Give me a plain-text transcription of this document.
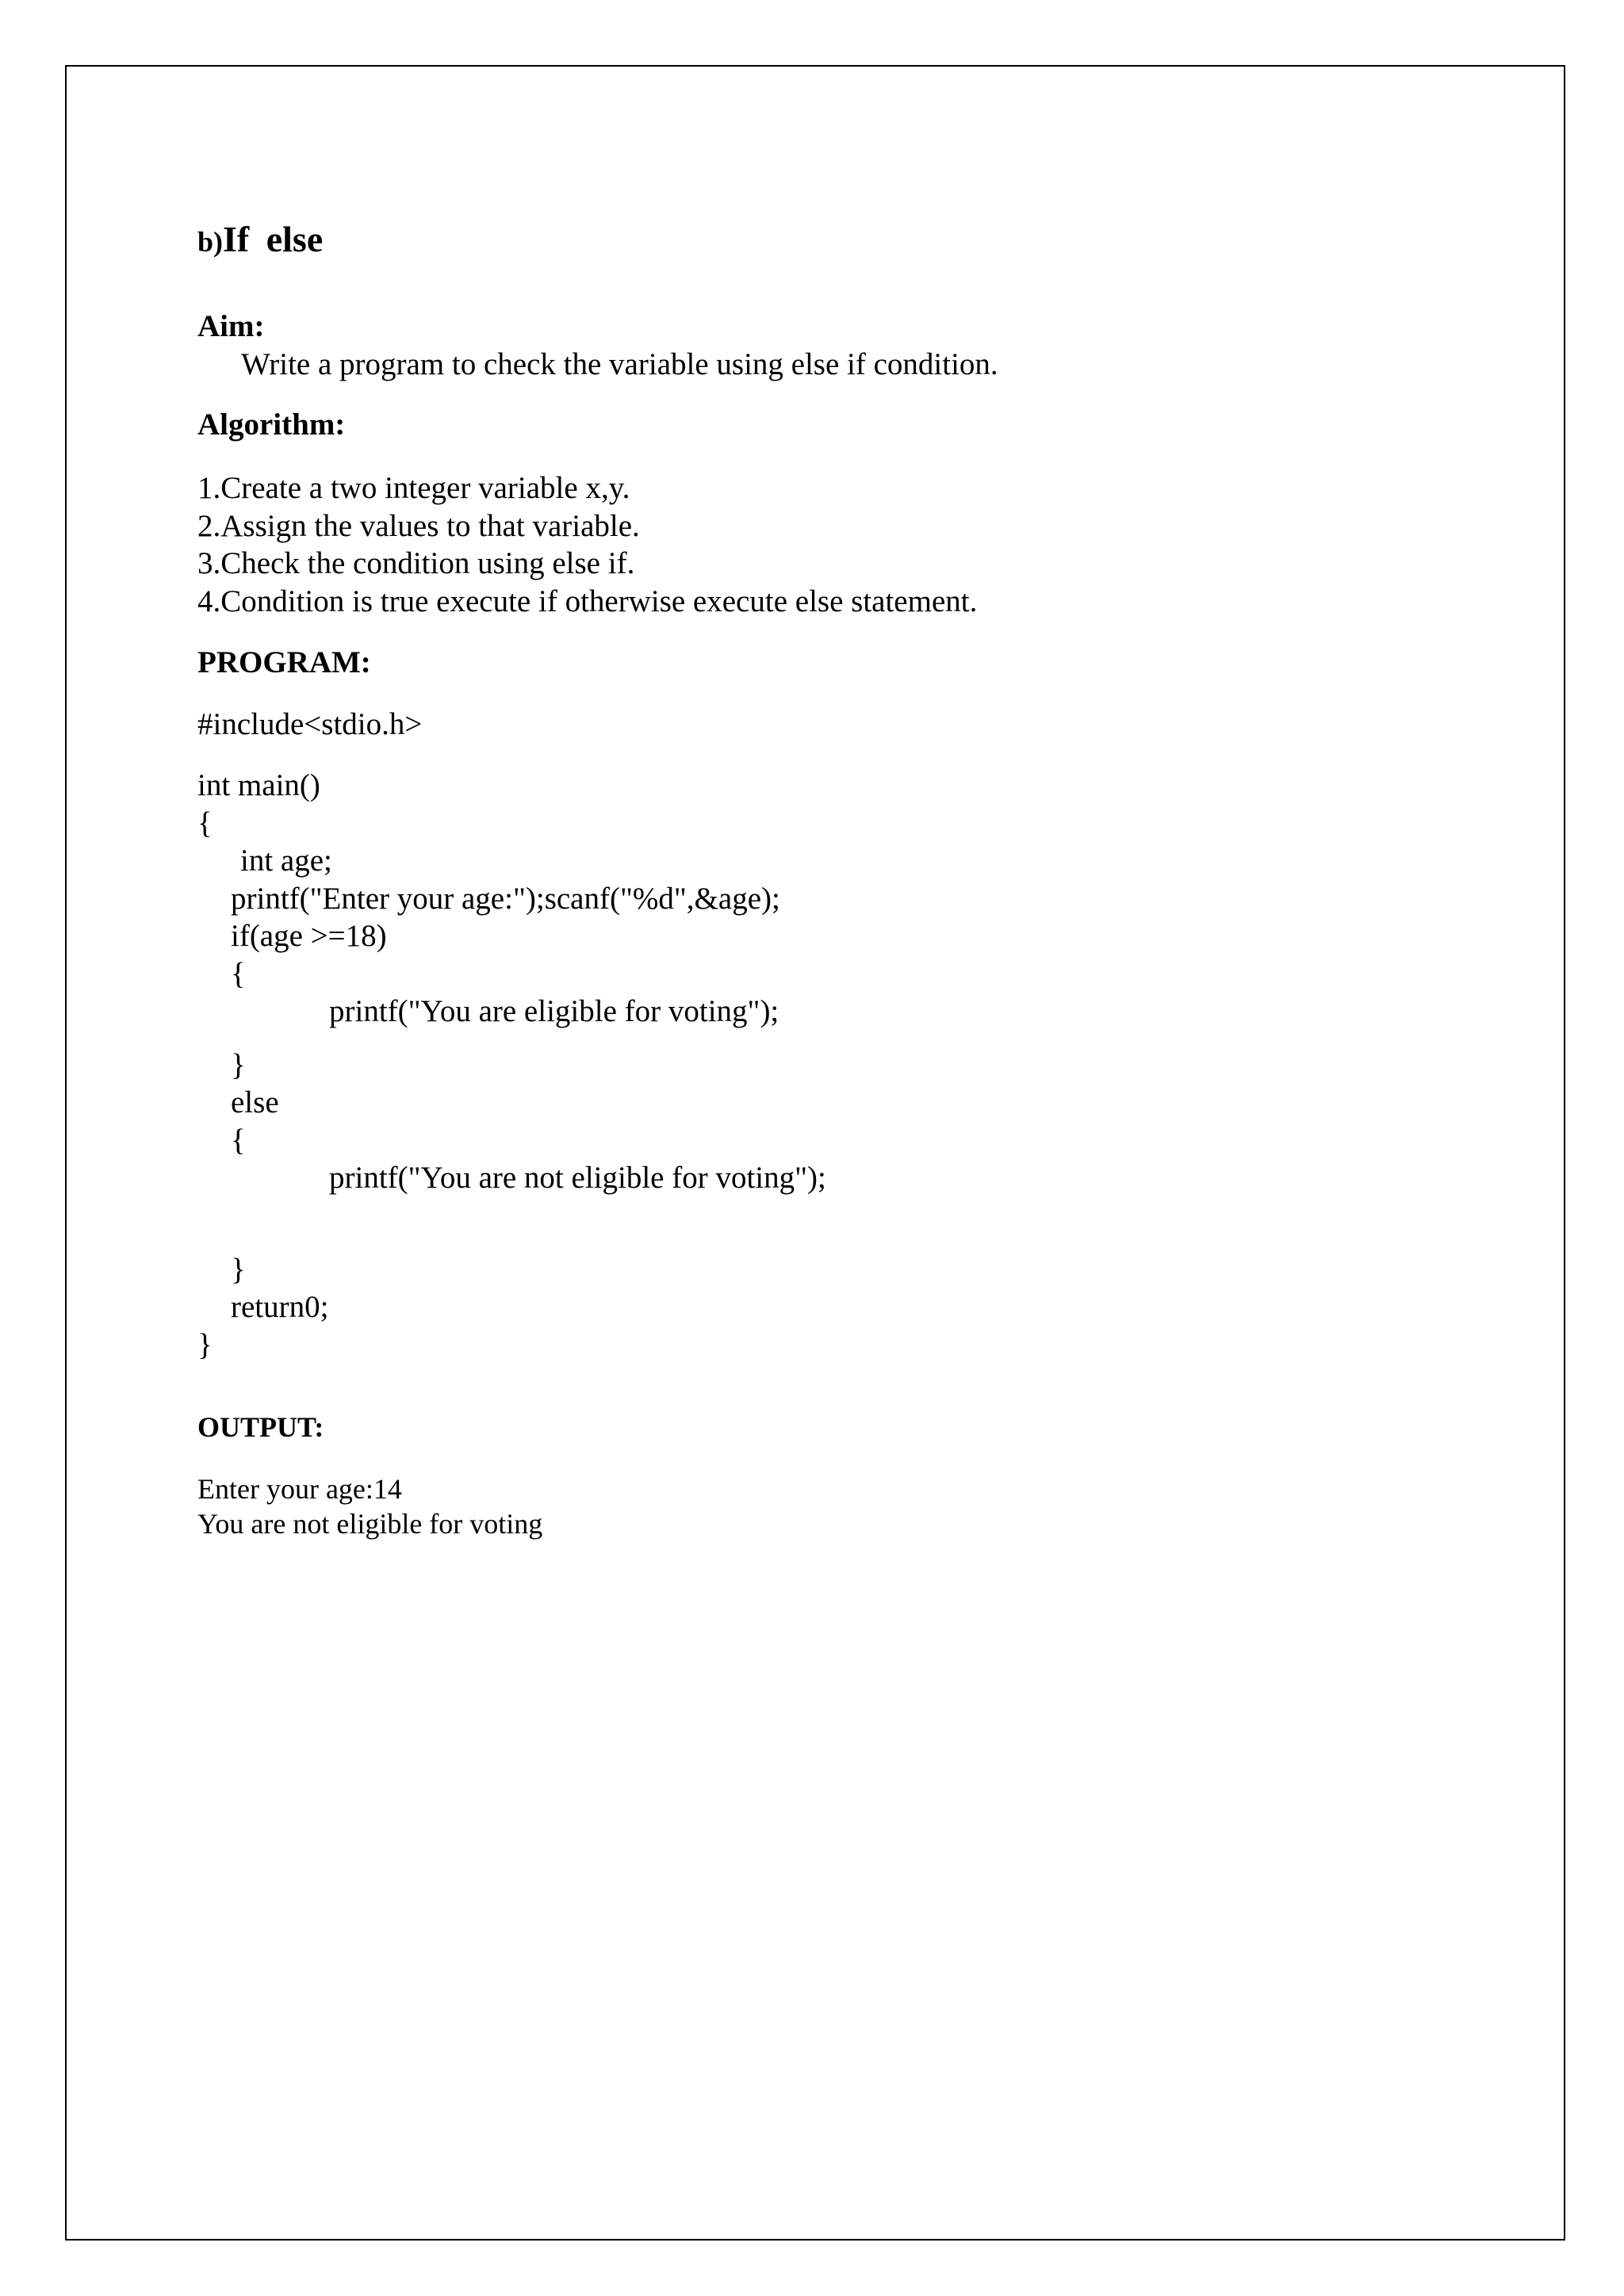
b)If else

Aim:

Write a program to check the variable using else if condition.

Algorithm:

1.Create a two integer variable x,y.
2.Assign the values to that variable.
3.Check the condition using else if.
4.Condition is true execute if otherwise execute else statement.

PROGRAM:

#include<stdio.h>

int main()
{
int age;
printf("Enter your age:");scanf("%d",&age);
if(age >=18)
{
printf("You are eligible for voting");
}
else
{
printf("You are not eligible for voting");
}
return0;
}

OUTPUT:

Enter your age:14
You are not eligible for voting
